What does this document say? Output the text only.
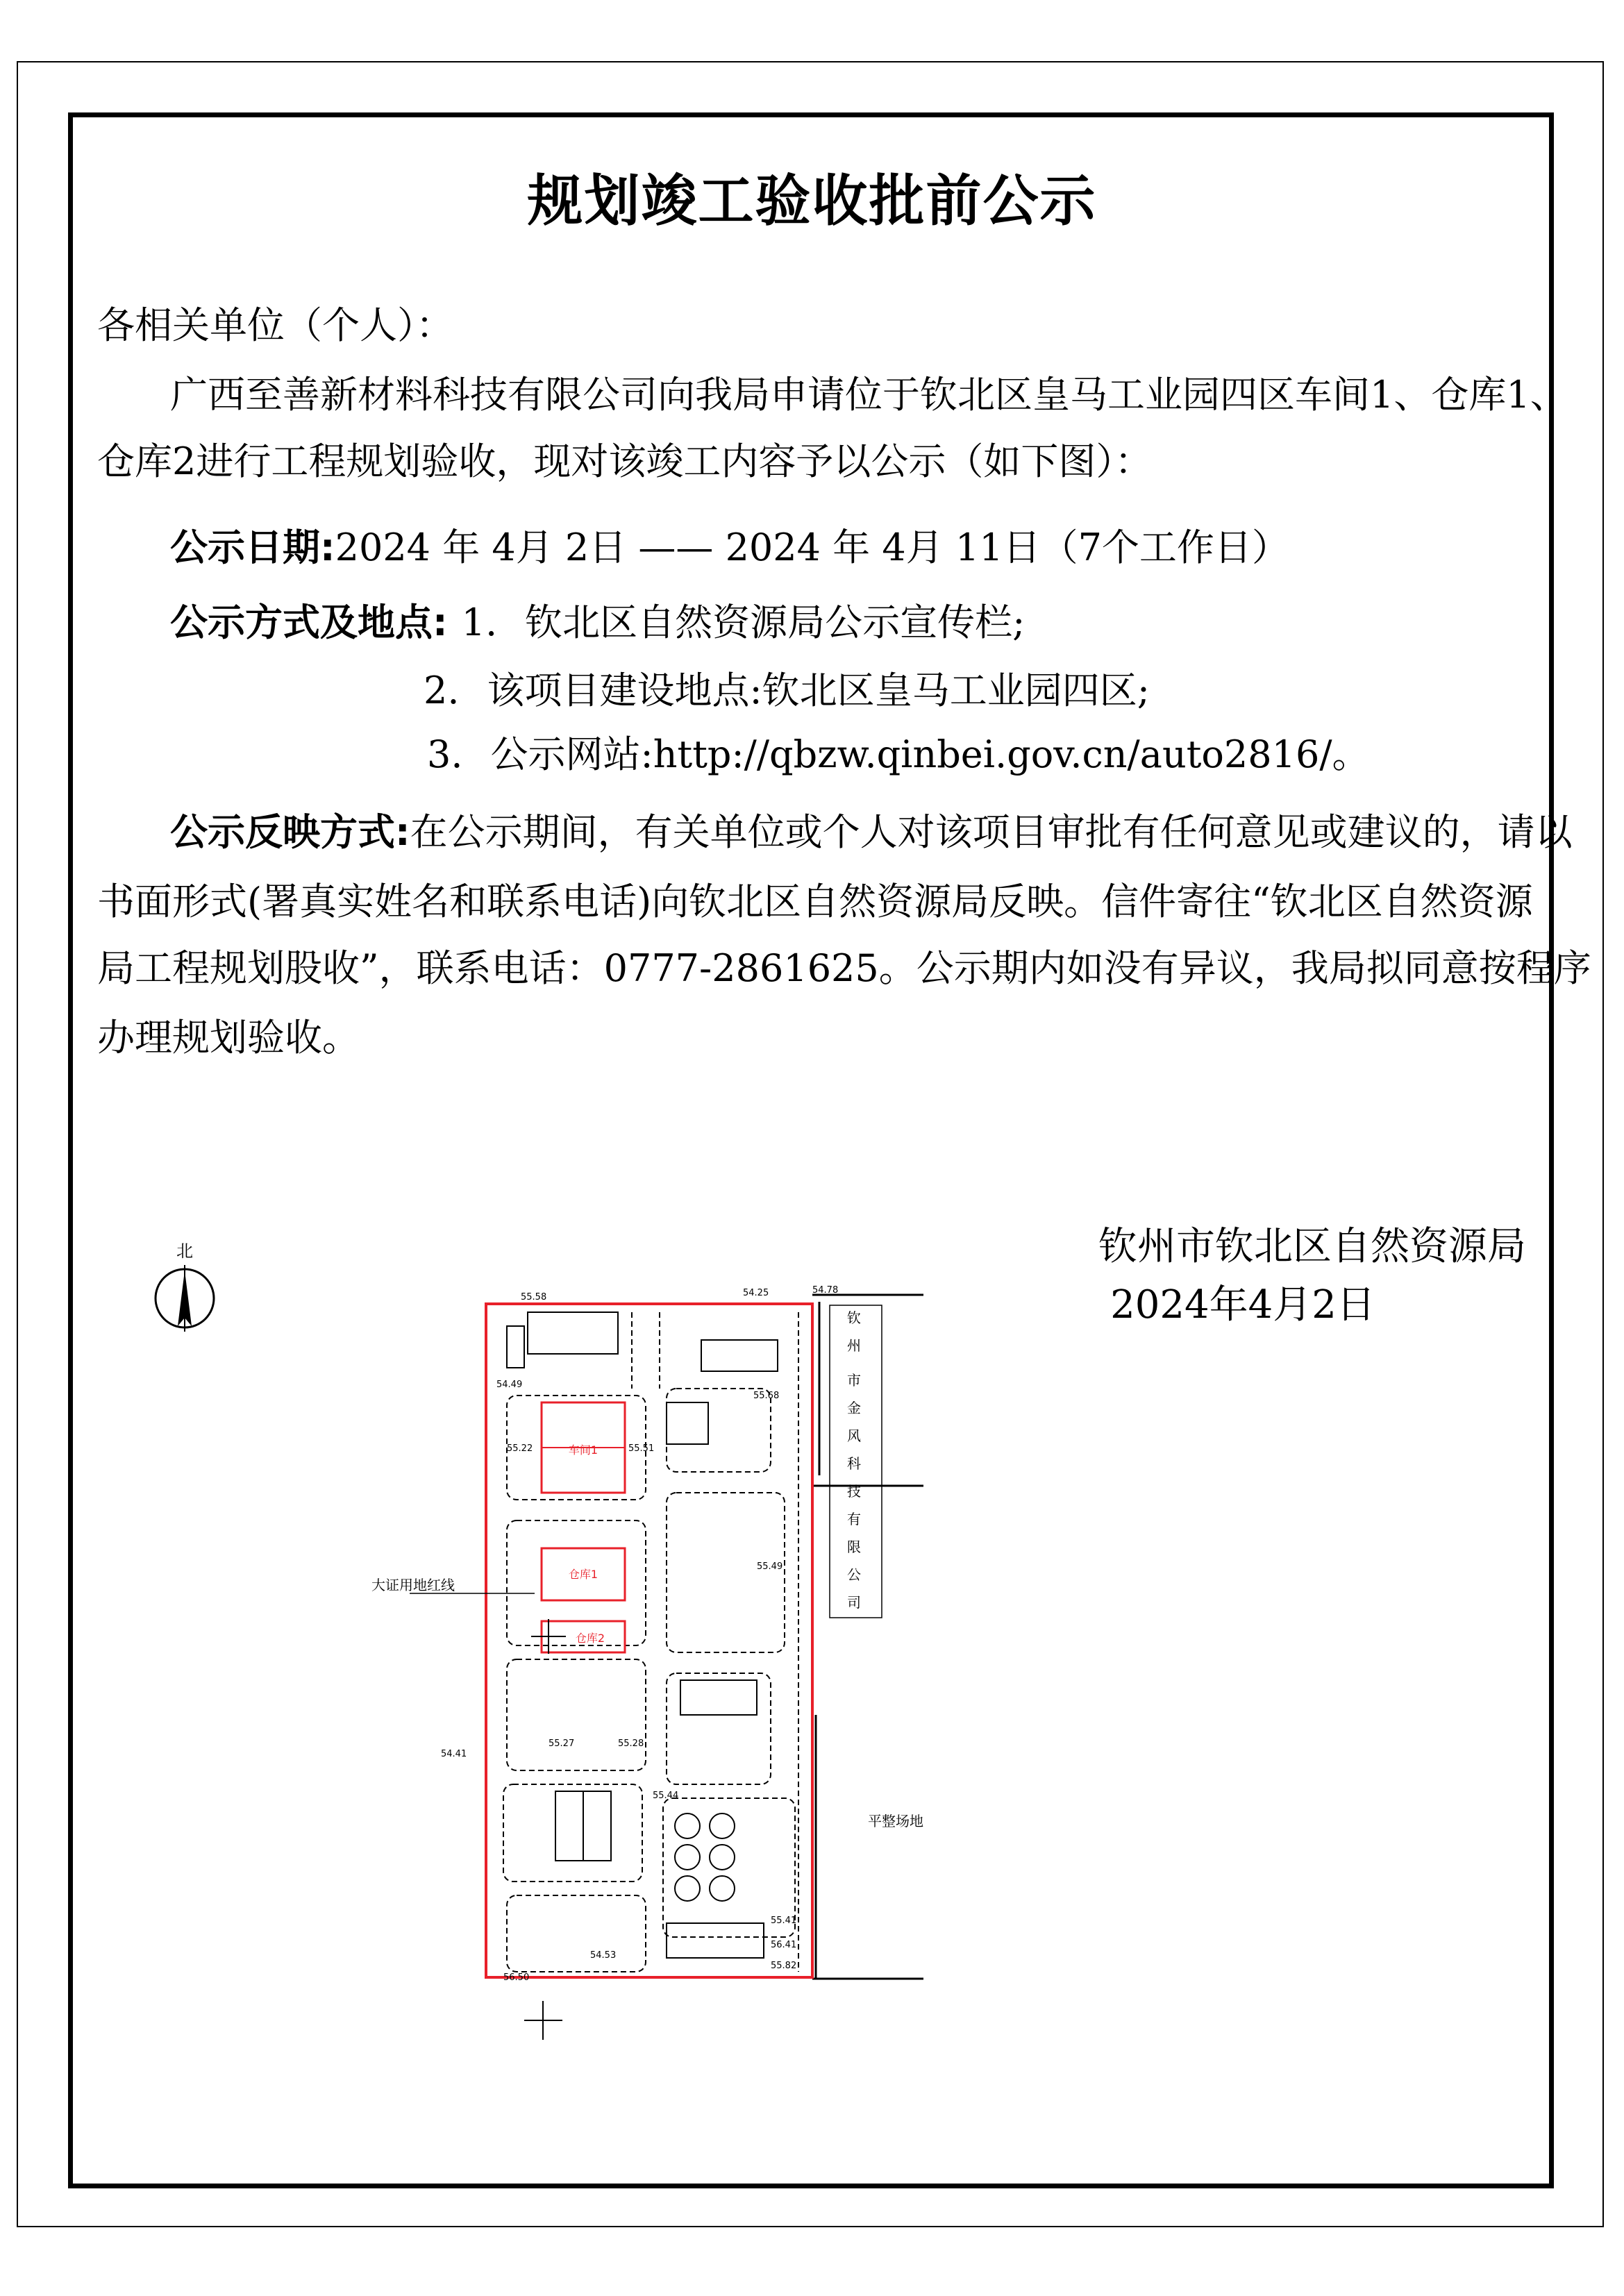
规划竣工验收批前公示
各相关单位（个人）：
广西至善新材料科技有限公司向我局申请位于钦北区皇马工业园四区车间1、仓库1、
仓库2进行工程规划验收，现对该竣工内容予以公示（如下图）：
公示日期:2024 年 4月 2日 —— 2024 年 4月 11日（7个工作日）
公示方式及地点: 1. 钦北区自然资源局公示宣传栏;
2. 该项目建设地点:钦北区皇马工业园四区;
3. 公示网站:http://qbzw.qinbei.gov.cn/auto2816/。
公示反映方式:在公示期间，有关单位或个人对该项目审批有任何意见或建议的，请以
书面形式(署真实姓名和联系电话)向钦北区自然资源局反映。信件寄往“钦北区自然资源
局工程规划股收”，联系电话：0777-2861625。公示期内如没有异议，我局拟同意按程序
办理规划验收。
钦州市钦北区自然资源局
2024年4月2日
北
钦
州
市
金
风
科
技
有
限
公
司
平整场地
大证用地红线
车间1
仓库1
仓库2
55.58	54.25	54.78
54.49
55.68
55.22	55.51
55.49
55.41
54.41
55.27	55.28
55.44
56.41
54.53
55.82
56.50
